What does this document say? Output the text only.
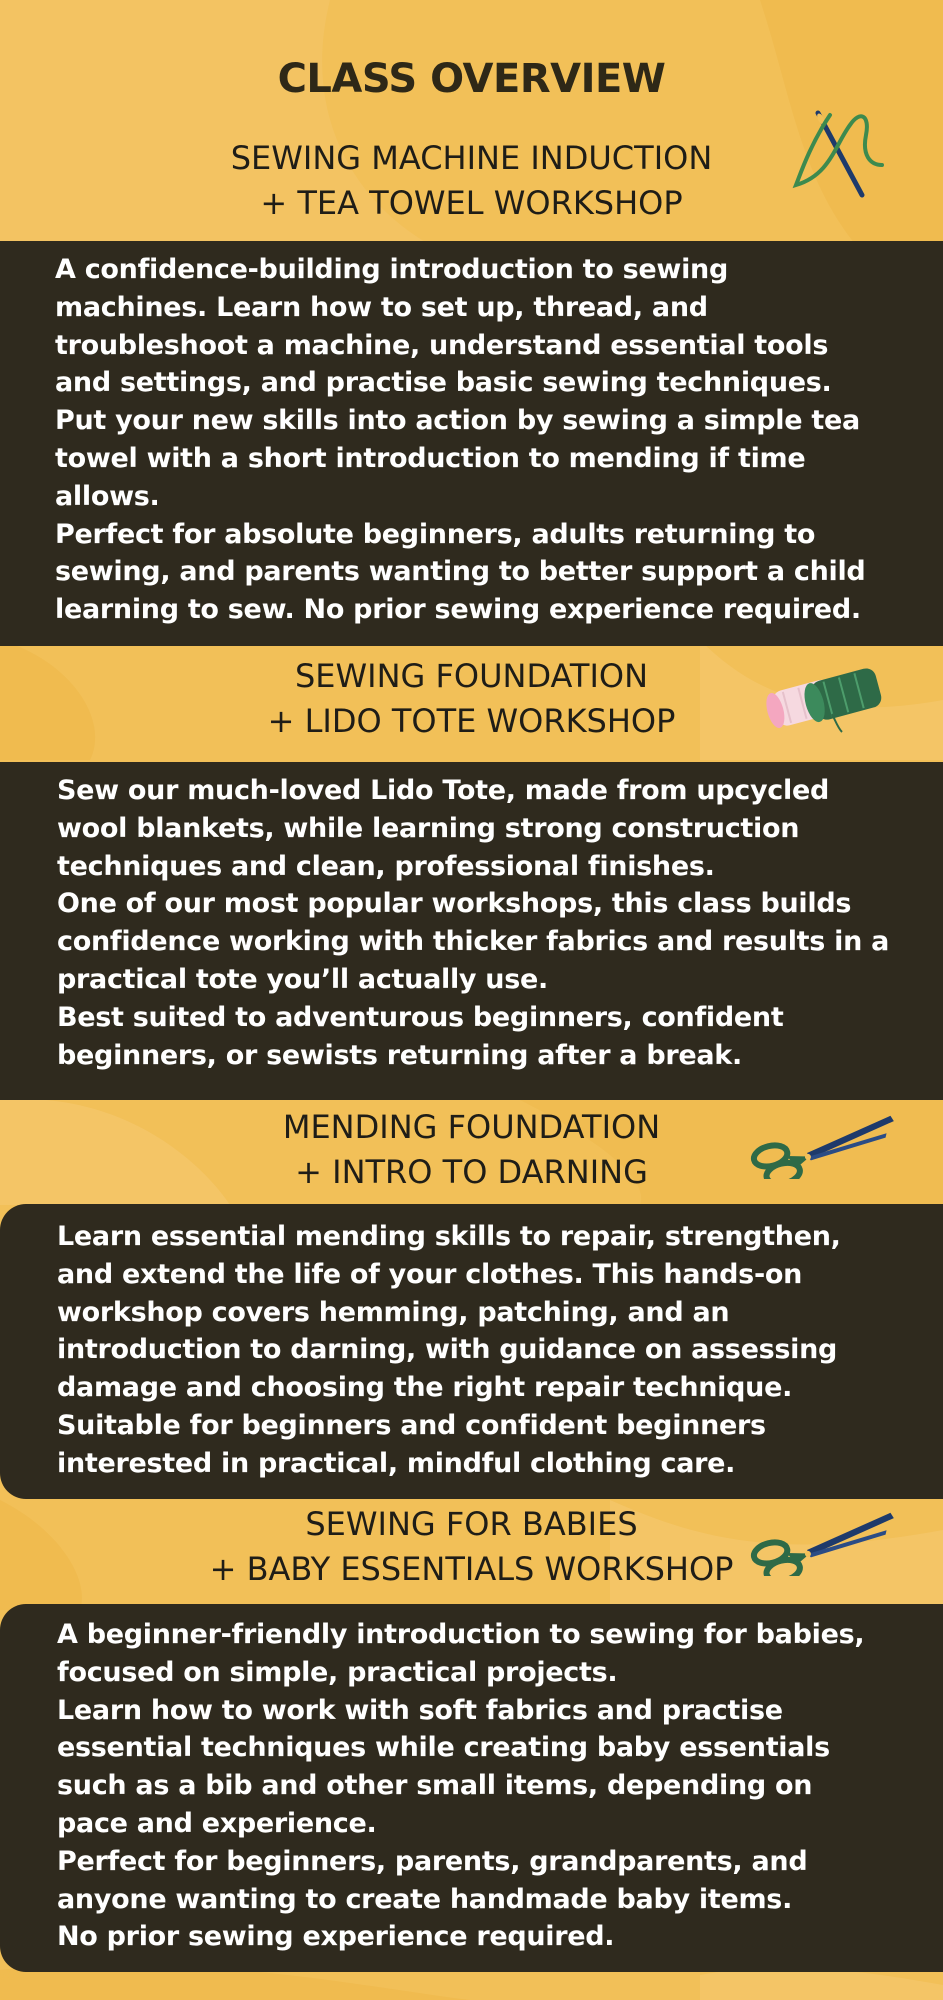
CLASS OVERVIEW
SEWING MACHINE INDUCTION
+ TEA TOWEL WORKSHOP
A confidence-building introduction to sewing
machines. Learn how to set up, thread, and
troubleshoot a machine, understand essential tools
and settings, and practise basic sewing techniques.
Put your new skills into action by sewing a simple tea
towel with a short introduction to mending if time
allows.
Perfect for absolute beginners, adults returning to
sewing, and parents wanting to better support a child
learning to sew. No prior sewing experience required.
SEWING FOUNDATION
+ LIDO TOTE WORKSHOP
Sew our much-loved Lido Tote, made from upcycled
wool blankets, while learning strong construction
techniques and clean, professional finishes.
One of our most popular workshops, this class builds
confidence working with thicker fabrics and results in a
practical tote you’ll actually use.
Best suited to adventurous beginners, confident
beginners, or sewists returning after a break.
MENDING FOUNDATION
+ INTRO TO DARNING
Learn essential mending skills to repair, strengthen,
and extend the life of your clothes. This hands-on
workshop covers hemming, patching, and an
introduction to darning, with guidance on assessing
damage and choosing the right repair technique.
Suitable for beginners and confident beginners
interested in practical, mindful clothing care.
SEWING FOR BABIES
+ BABY ESSENTIALS WORKSHOP
A beginner-friendly introduction to sewing for babies,
focused on simple, practical projects.
Learn how to work with soft fabrics and practise
essential techniques while creating baby essentials
such as a bib and other small items, depending on
pace and experience.
Perfect for beginners, parents, grandparents, and
anyone wanting to create handmade baby items.
No prior sewing experience required.
